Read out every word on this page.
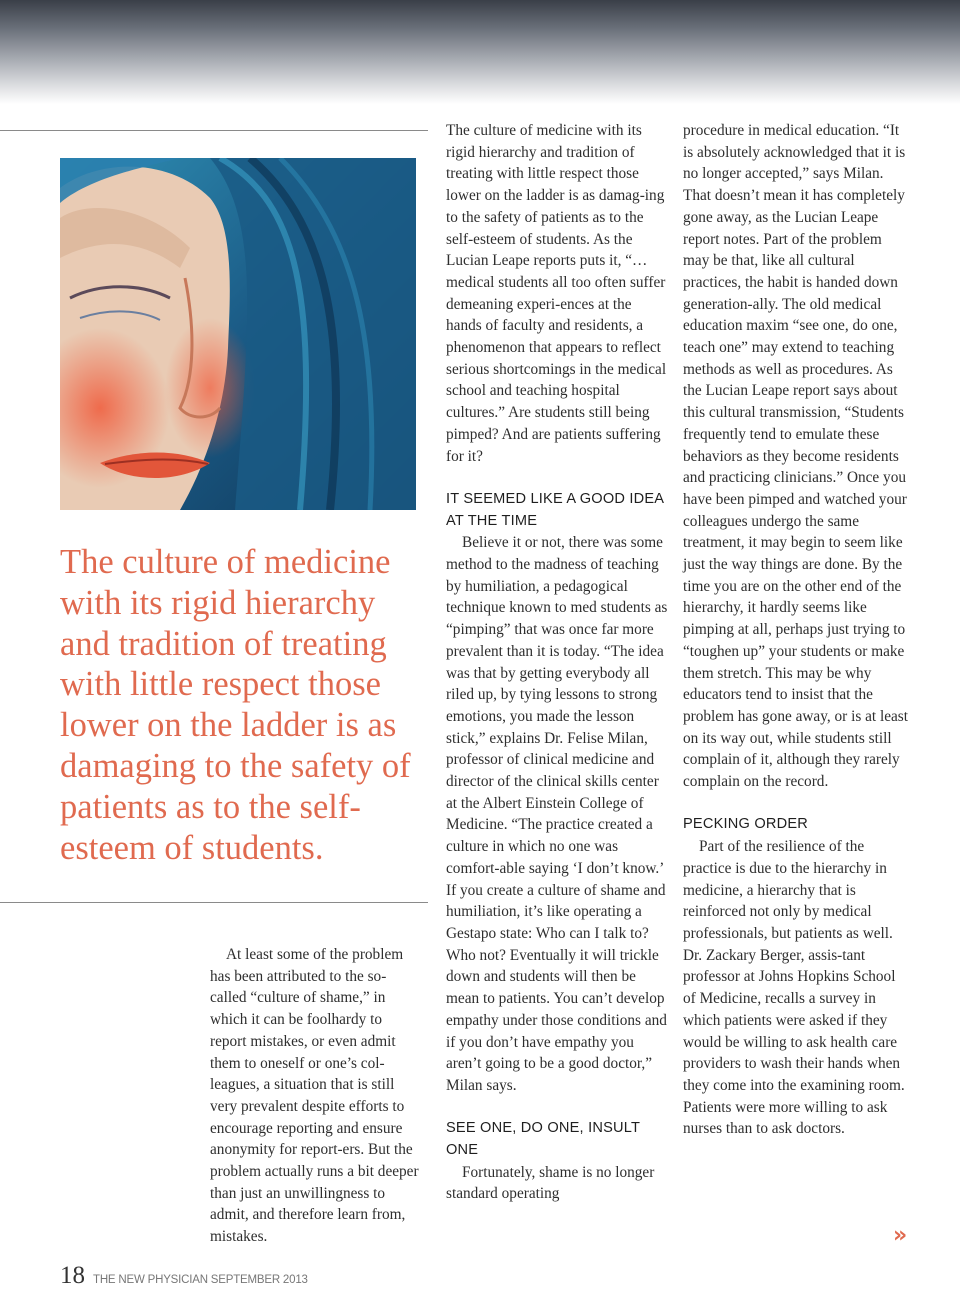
The culture of medicine with its rigid hierarchy and tradition of treating with little respect those lower on the ladder is as damaging to the safety of patients as to the self-esteem of students.

At least some of the problem has been attributed to the so-called “culture of shame,” in which it can be foolhardy to report mistakes, or even admit them to oneself or one’s col-leagues, a situation that is still very prevalent despite efforts to encourage reporting and ensure anonymity for report-ers. But the problem actually runs a bit deeper than just an unwillingness to admit, and therefore learn from, mistakes.

The culture of medicine with its rigid hierarchy and tradition of treating with little respect those lower on the ladder is as damag-ing to the safety of patients as to the self-esteem of students. As the Lucian Leape reports puts it, “…medical students all too often suffer demeaning experi-ences at the hands of faculty and residents, a phenomenon that appears to reflect serious shortcomings in the medical school and teaching hospital cultures.” Are students still being pimped? And are patients suffering for it?

IT SEEMED LIKE A GOOD IDEA AT THE TIME

Believe it or not, there was some method to the madness of teaching by humiliation, a pedagogical technique known to med students as “pimping” that was once far more prevalent than it is today. “The idea was that by getting everybody all riled up, by tying lessons to strong emotions, you made the lesson stick,” explains Dr. Felise Milan, professor of clinical medicine and director of the clinical skills center at the Albert Einstein College of Medicine. “The practice created a culture in which no one was comfort-able saying ‘I don’t know.’ If you create a culture of shame and humiliation, it’s like operating a Gestapo state: Who can I talk to? Who not? Eventually it will trickle down and students will then be mean to patients. You can’t develop empathy under those conditions and if you don’t have empathy you aren’t going to be a good doctor,” Milan says.

SEE ONE, DO ONE, INSULT ONE

Fortunately, shame is no longer standard operating

procedure in medical education. “It is absolutely acknowledged that it is no longer accepted,” says Milan. That doesn’t mean it has completely gone away, as the Lucian Leape report notes. Part of the problem may be that, like all cultural practices, the habit is handed down generation-ally. The old medical education maxim “see one, do one, teach one” may extend to teaching methods as well as procedures. As the Lucian Leape report says about this cultural transmission, “Students frequently tend to emulate these behaviors as they become residents and practicing clinicians.” Once you have been pimped and watched your colleagues undergo the same treatment, it may begin to seem like just the way things are done. By the time you are on the other end of the hierarchy, it hardly seems like pimping at all, perhaps just trying to “toughen up” your students or make them stretch. This may be why educators tend to insist that the problem has gone away, or is at least on its way out, while students still complain of it, although they rarely complain on the record.

PECKING ORDER

Part of the resilience of the practice is due to the hierarchy in medicine, a hierarchy that is reinforced not only by medical professionals, but patients as well. Dr. Zackary Berger, assis-tant professor at Johns Hopkins School of Medicine, recalls a survey in which patients were asked if they would be willing to ask health care providers to wash their hands when they come into the examining room. Patients were more willing to ask nurses than to ask doctors.

»
18 THE NEW PHYSICIAN SEPTEMBER 2013
